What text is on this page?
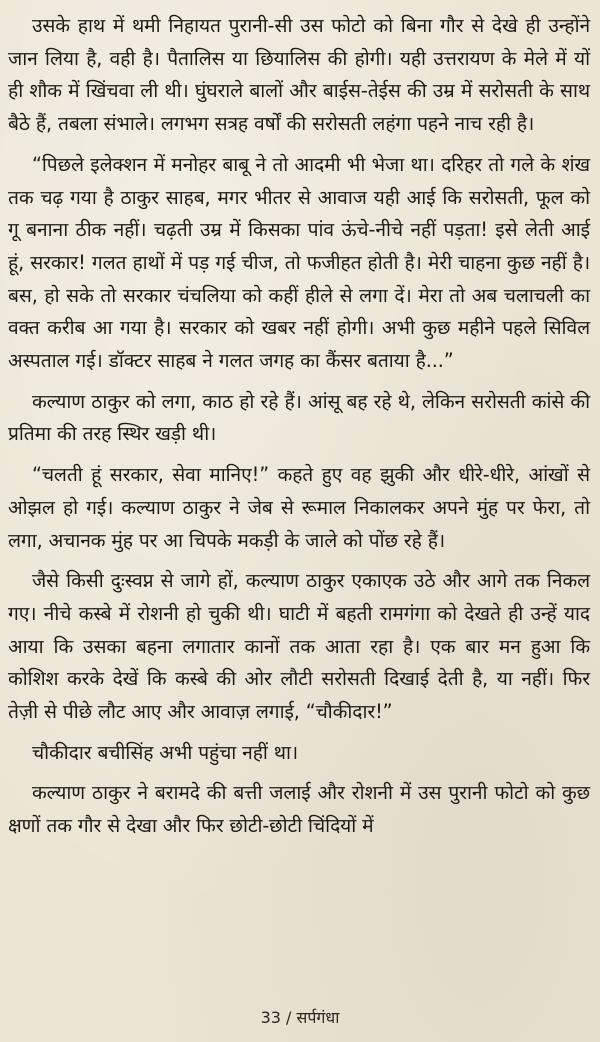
उसके हाथ में थमी निहायत पुरानी-सी उस फोटो को बिना गौर से देखे ही उन्होंने जान लिया है, वही है। पैतालिस या छियालिस की होगी। यही उत्तरायण के मेले में यों ही शौक में खिंचवा ली थी। घुंघराले बालों और बाईस-तेईस की उम्र में सरोसती के साथ बैठे हैं, तबला संभाले। लगभग सत्रह वर्षों की सरोसती लहंगा पहने नाच रही है।

“पिछले इलेक्शन में मनोहर बाबू ने तो आदमी भी भेजा था। दरिहर तो गले के शंख तक चढ़ गया है ठाकुर साहब, मगर भीतर से आवाज यही आई कि सरोसती, फूल को गू बनाना ठीक नहीं। चढ़ती उम्र में किसका पांव ऊंचे-नीचे नहीं पड़ता! इसे लेती आई हूं, सरकार! गलत हाथों में पड़ गई चीज, तो फजीहत होती है। मेरी चाहना कुछ नहीं है। बस, हो सके तो सरकार चंचलिया को कहीं हीले से लगा दें। मेरा तो अब चलाचली का वक्त करीब आ गया है। सरकार को खबर नहीं होगी। अभी कुछ महीने पहले सिविल अस्पताल गई। डॉक्टर साहब ने गलत जगह का कैंसर बताया है...”

कल्याण ठाकुर को लगा, काठ हो रहे हैं। आंसू बह रहे थे, लेकिन सरोसती कांसे की प्रतिमा की तरह स्थिर खड़ी थी।

“चलती हूं सरकार, सेवा मानिए!” कहते हुए वह झुकी और धीरे-धीरे, आंखों से ओझल हो गई। कल्याण ठाकुर ने जेब से रूमाल निकालकर अपने मुंह पर फेरा, तो लगा, अचानक मुंह पर आ चिपके मकड़ी के जाले को पोंछ रहे हैं।

जैसे किसी दुःस्वप्न से जागे हों, कल्याण ठाकुर एकाएक उठे और आगे तक निकल गए। नीचे कस्बे में रोशनी हो चुकी थी। घाटी में बहती रामगंगा को देखते ही उन्हें याद आया कि उसका बहना लगातार कानों तक आता रहा है। एक बार मन हुआ कि कोशिश करके देखें कि कस्बे की ओर लौटी सरोसती दिखाई देती है, या नहीं। फिर तेज़ी से पीछे लौट आए और आवाज़ लगाई, “चौकीदार!”

चौकीदार बचीसिंह अभी पहुंचा नहीं था।

कल्याण ठाकुर ने बरामदे की बत्ती जलाई और रोशनी में उस पुरानी फोटो को कुछ क्षणों तक गौर से देखा और फिर छोटी-छोटी चिंदियों में

33 / सर्पगंधा
